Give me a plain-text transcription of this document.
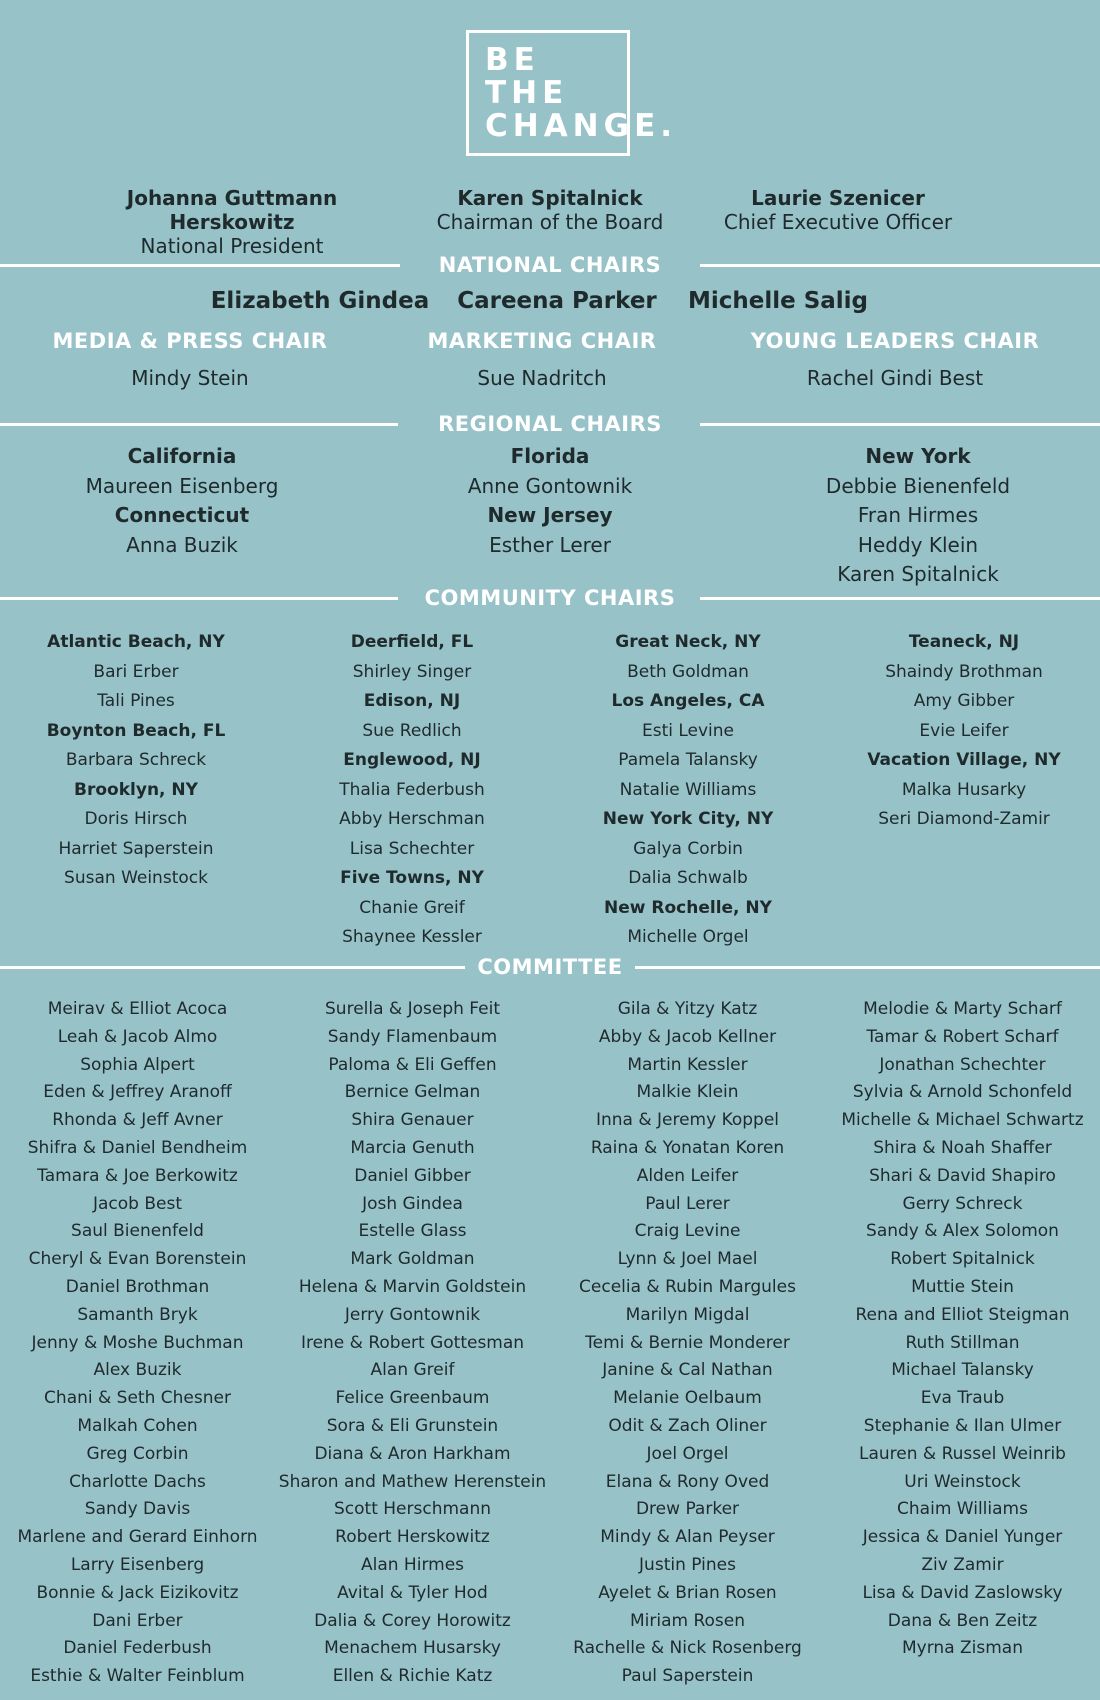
BE
THE
CHANGE.
Johanna Guttmann Herskowitz
National President
Karen Spitalnick
Chairman of the Board
Laurie Szenicer
Chief Executive Officer
NATIONAL CHAIRS
Elizabeth Gindea	Careena Parker	Michelle Salig
MEDIA & PRESS CHAIR	MARKETING CHAIR	YOUNG LEADERS CHAIR
Mindy Stein	Sue Nadritch	Rachel Gindi Best
REGIONAL CHAIRS
California
Maureen Eisenberg
Connecticut
Anna Buzik
Florida
Anne Gontownik
New Jersey
Esther Lerer
New York
Debbie Bienenfeld
Fran Hirmes
Heddy Klein
Karen Spitalnick
COMMUNITY CHAIRS
Atlantic Beach, NY
Bari Erber
Tali Pines
Boynton Beach, FL
Barbara Schreck
Brooklyn, NY
Doris Hirsch
Harriet Saperstein
Susan Weinstock
Deerfield, FL
Shirley Singer
Edison, NJ
Sue Redlich
Englewood, NJ
Thalia Federbush
Abby Herschman
Lisa Schechter
Five Towns, NY
Chanie Greif
Shaynee Kessler
Great Neck, NY
Beth Goldman
Los Angeles, CA
Esti Levine
Pamela Talansky
Natalie Williams
New York City, NY
Galya Corbin
Dalia Schwalb
New Rochelle, NY
Michelle Orgel
Teaneck, NJ
Shaindy Brothman
Amy Gibber
Evie Leifer
Vacation Village, NY
Malka Husarky
Seri Diamond-Zamir
COMMITTEE
Meirav & Elliot Acoca
Leah & Jacob Almo
Sophia Alpert
Eden & Jeffrey Aranoff
Rhonda & Jeff Avner
Shifra & Daniel Bendheim
Tamara & Joe Berkowitz
Jacob Best
Saul Bienenfeld
Cheryl & Evan Borenstein
Daniel Brothman
Samanth Bryk
Jenny & Moshe Buchman
Alex Buzik
Chani & Seth Chesner
Malkah Cohen
Greg Corbin
Charlotte Dachs
Sandy Davis
Marlene and Gerard Einhorn
Larry Eisenberg
Bonnie & Jack Eizikovitz
Dani Erber
Daniel Federbush
Esthie & Walter Feinblum
Surella & Joseph Feit
Sandy Flamenbaum
Paloma & Eli Geffen
Bernice Gelman
Shira Genauer
Marcia Genuth
Daniel Gibber
Josh Gindea
Estelle Glass
Mark Goldman
Helena & Marvin Goldstein
Jerry Gontownik
Irene & Robert Gottesman
Alan Greif
Felice Greenbaum
Sora & Eli Grunstein
Diana & Aron Harkham
Sharon and Mathew Herenstein
Scott Herschmann
Robert Herskowitz
Alan Hirmes
Avital & Tyler Hod
Dalia & Corey Horowitz
Menachem Husarsky
Ellen & Richie Katz
Gila & Yitzy Katz
Abby & Jacob Kellner
Martin Kessler
Malkie Klein
Inna & Jeremy Koppel
Raina & Yonatan Koren
Alden Leifer
Paul Lerer
Craig Levine
Lynn & Joel Mael
Cecelia & Rubin Margules
Marilyn Migdal
Temi & Bernie Monderer
Janine & Cal Nathan
Melanie Oelbaum
Odit & Zach Oliner
Joel Orgel
Elana & Rony Oved
Drew Parker
Mindy & Alan Peyser
Justin Pines
Ayelet & Brian Rosen
Miriam Rosen
Rachelle & Nick Rosenberg
Paul Saperstein
Melodie & Marty Scharf
Tamar & Robert Scharf
Jonathan Schechter
Sylvia & Arnold Schonfeld
Michelle & Michael Schwartz
Shira & Noah Shaffer
Shari & David Shapiro
Gerry Schreck
Sandy & Alex Solomon
Robert Spitalnick
Muttie Stein
Rena and Elliot Steigman
Ruth Stillman
Michael Talansky
Eva Traub
Stephanie & Ilan Ulmer
Lauren & Russel Weinrib
Uri Weinstock
Chaim Williams
Jessica & Daniel Yunger
Ziv Zamir
Lisa & David Zaslowsky
Dana & Ben Zeitz
Myrna Zisman
